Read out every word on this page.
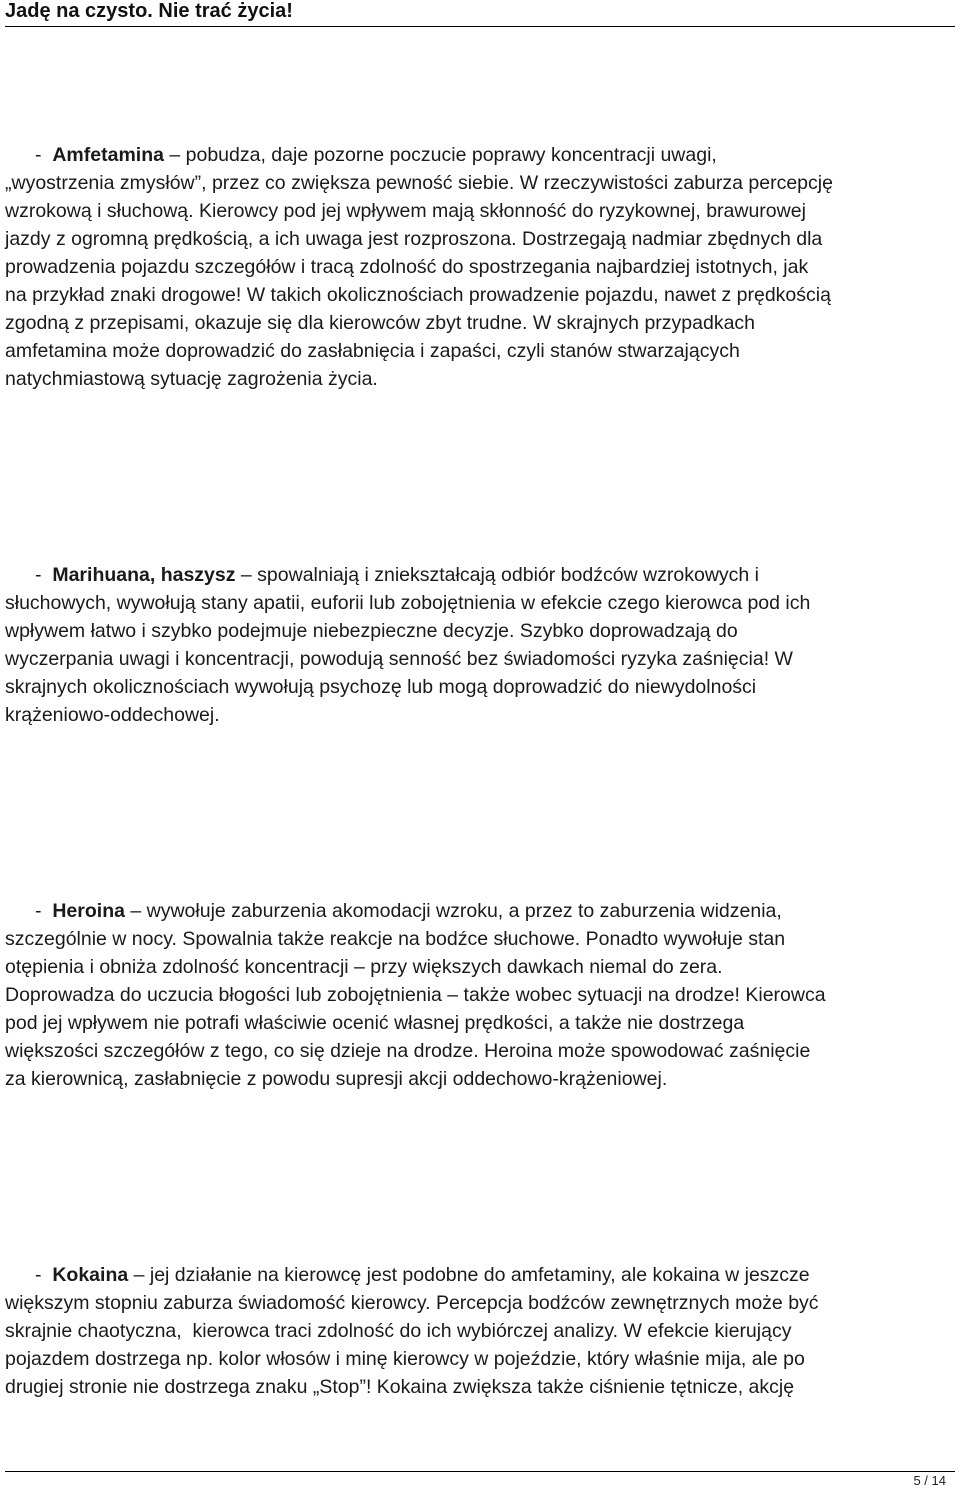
Jadę na czysto. Nie trać życia!

- Amfetamina – pobudza, daje pozorne poczucie poprawy koncentracji uwagi,
„wyostrzenia zmysłów”, przez co zwiększa pewność siebie. W rzeczywistości zaburza percepcję
wzrokową i słuchową. Kierowcy pod jej wpływem mają skłonność do ryzykownej, brawurowej
jazdy z ogromną prędkością, a ich uwaga jest rozproszona. Dostrzegają nadmiar zbędnych dla
prowadzenia pojazdu szczegółów i tracą zdolność do spostrzegania najbardziej istotnych, jak
na przykład znaki drogowe! W takich okolicznościach prowadzenie pojazdu, nawet z prędkością
zgodną z przepisami, okazuje się dla kierowców zbyt trudne. W skrajnych przypadkach
amfetamina może doprowadzić do zasłabnięcia i zapaści, czyli stanów stwarzających
natychmiastową sytuację zagrożenia życia.

- Marihuana, haszysz – spowalniają i zniekształcają odbiór bodźców wzrokowych i
słuchowych, wywołują stany apatii, euforii lub zobojętnienia w efekcie czego kierowca pod ich
wpływem łatwo i szybko podejmuje niebezpieczne decyzje. Szybko doprowadzają do
wyczerpania uwagi i koncentracji, powodują senność bez świadomości ryzyka zaśnięcia! W
skrajnych okolicznościach wywołują psychozę lub mogą doprowadzić do niewydolności
krążeniowo-oddechowej.

- Heroina – wywołuje zaburzenia akomodacji wzroku, a przez to zaburzenia widzenia,
szczególnie w nocy. Spowalnia także reakcje na bodźce słuchowe. Ponadto wywołuje stan
otępienia i obniża zdolność koncentracji – przy większych dawkach niemal do zera.
Doprowadza do uczucia błogości lub zobojętnienia – także wobec sytuacji na drodze! Kierowca
pod jej wpływem nie potrafi właściwie ocenić własnej prędkości, a także nie dostrzega
większości szczegółów z tego, co się dzieje na drodze. Heroina może spowodować zaśnięcie
za kierownicą, zasłabnięcie z powodu supresji akcji oddechowo-krążeniowej.

- Kokaina – jej działanie na kierowcę jest podobne do amfetaminy, ale kokaina w jeszcze
większym stopniu zaburza świadomość kierowcy. Percepcja bodźców zewnętrznych może być
skrajnie chaotyczna,  kierowca traci zdolność do ich wybiórczej analizy. W efekcie kierujący
pojazdem dostrzega np. kolor włosów i minę kierowcy w pojeździe, który właśnie mija, ale po
drugiej stronie nie dostrzega znaku „Stop”! Kokaina zwiększa także ciśnienie tętnicze, akcję

5 / 14
